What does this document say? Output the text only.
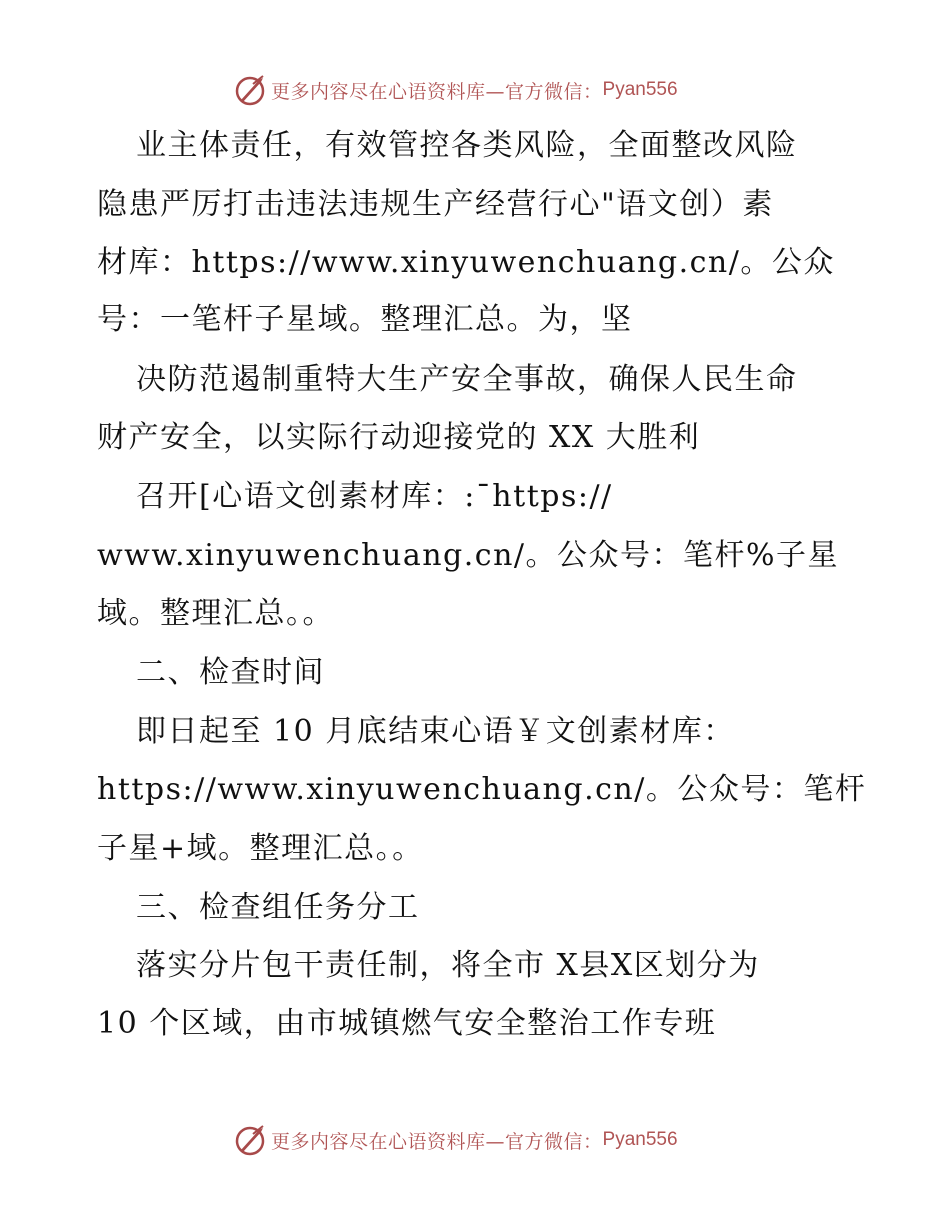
更多内容尽在心语资料库—官方微信： Pyan556
业主体责任，有效管控各类风险，全面整改风险
隐患严厉打击违法违规生产经营行心"语文创）素
材库：https://www.xinyuwenchuang.cn/。公众
号：一笔杆子星域。整理汇总。为，坚
决防范遏制重特大生产安全事故，确保人民生命
财产安全，以实际行动迎接党的 XX 大胜利
召开[心语文创素材库：:¯https://
www.xinyuwenchuang.cn/。公众号：笔杆%子星
域。整理汇总。。
二、检查时间
即日起至 10 月底结束心语￥文创素材库：
https://www.xinyuwenchuang.cn/。公众号：笔杆
子星+域。整理汇总。。
三、检查组任务分工
落实分片包干责任制，将全市 X县X区划分为
10 个区域，由市城镇燃气安全整治工作专班
更多内容尽在心语资料库—官方微信： Pyan556
